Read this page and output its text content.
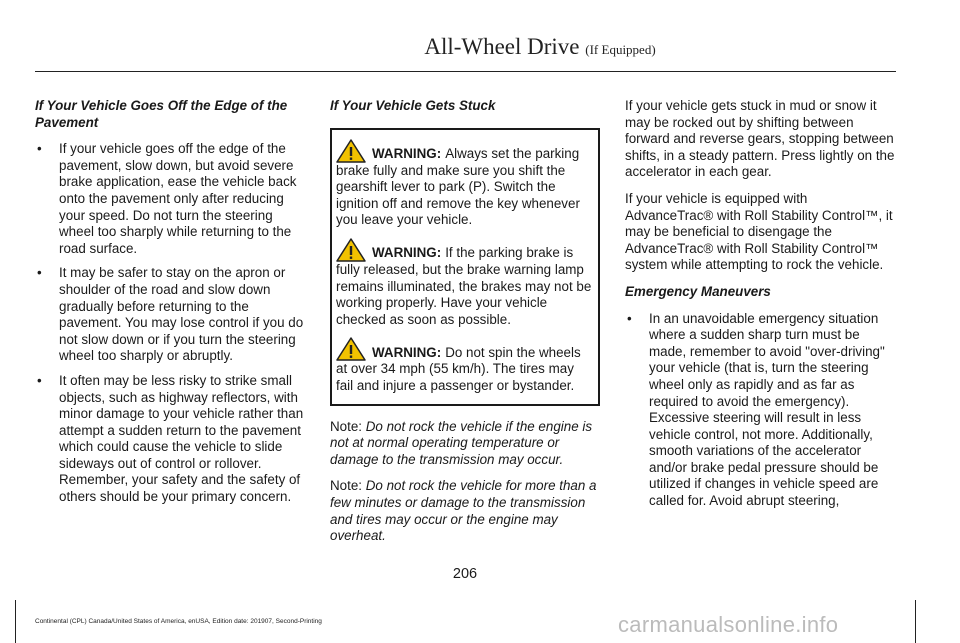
All-Wheel Drive (If Equipped)
If Your Vehicle Goes Off the Edge of the Pavement
• If your vehicle goes off the edge of the pavement, slow down, but avoid severe brake application, ease the vehicle back onto the pavement only after reducing your speed. Do not turn the steering wheel too sharply while returning to the road surface.
• It may be safer to stay on the apron or shoulder of the road and slow down gradually before returning to the pavement. You may lose control if you do not slow down or if you turn the steering wheel too sharply or abruptly.
• It often may be less risky to strike small objects, such as highway reflectors, with minor damage to your vehicle rather than attempt a sudden return to the pavement which could cause the vehicle to slide sideways out of control or rollover. Remember, your safety and the safety of others should be your primary concern.
If Your Vehicle Gets Stuck
WARNING: Always set the parking
brake fully and make sure you shift the gearshift lever to park (P). Switch the ignition off and remove the key whenever you leave your vehicle.
WARNING: If the parking brake is
fully released, but the brake warning lamp remains illuminated, the brakes may not be working properly. Have your vehicle checked as soon as possible.
WARNING: Do not spin the wheels
at over 34 mph (55 km/h). The tires may fail and injure a passenger or bystander.

Note: Do not rock the vehicle if the engine is not at normal operating temperature or damage to the transmission may occur.

Note: Do not rock the vehicle for more than a few minutes or damage to the transmission and tires may occur or the engine may overheat.

If your vehicle gets stuck in mud or snow it may be rocked out by shifting between forward and reverse gears, stopping between shifts, in a steady pattern. Press lightly on the accelerator in each gear.

If your vehicle is equipped with AdvanceTrac® with Roll Stability Control™, it may be beneficial to disengage the AdvanceTrac® with Roll Stability Control™ system while attempting to rock the vehicle.

Emergency Maneuvers
• In an unavoidable emergency situation where a sudden sharp turn must be made, remember to avoid "over-driving" your vehicle (that is, turn the steering wheel only as rapidly and as far as required to avoid the emergency). Excessive steering will result in less vehicle control, not more. Additionally, smooth variations of the accelerator and/or brake pedal pressure should be utilized if changes in vehicle speed are called for. Avoid abrupt steering,
206
Continental (CPL) Canada/United States of America, enUSA, Edition date: 201907, Second-Printing	carmanualsonline.info
